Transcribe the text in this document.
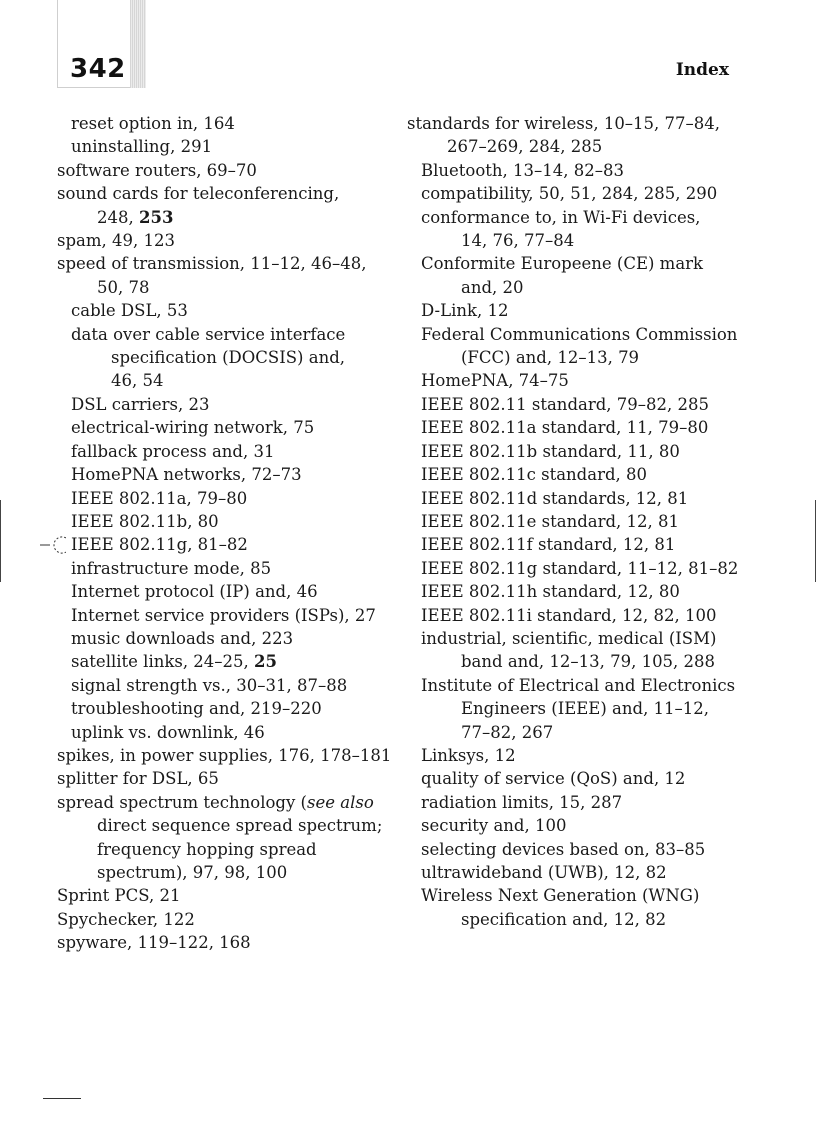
342	Index
reset option in, 164
uninstalling, 291
software routers, 69–70
sound cards for teleconferencing,
248, 253
spam, 49, 123
speed of transmission, 11–12, 46–48,
50, 78
cable DSL, 53
data over cable service interface
specification (DOCSIS) and,
46, 54
DSL carriers, 23
electrical-wiring network, 75
fallback process and, 31
HomePNA networks, 72–73
IEEE 802.11a, 79–80
IEEE 802.11b, 80
IEEE 802.11g, 81–82
infrastructure mode, 85
Internet protocol (IP) and, 46
Internet service providers (ISPs), 27
music downloads and, 223
satellite links, 24–25, 25
signal strength vs., 30–31, 87–88
troubleshooting and, 219–220
uplink vs. downlink, 46
spikes, in power supplies, 176, 178–181
splitter for DSL, 65
spread spectrum technology (see also
direct sequence spread spectrum;
frequency hopping spread
spectrum), 97, 98, 100
Sprint PCS, 21
Spychecker, 122
spyware, 119–122, 168
standards for wireless, 10–15, 77–84,
267–269, 284, 285
Bluetooth, 13–14, 82–83
compatibility, 50, 51, 284, 285, 290
conformance to, in Wi-Fi devices,
14, 76, 77–84
Conformite Europeene (CE) mark
and, 20
D-Link, 12
Federal Communications Commission
(FCC) and, 12–13, 79
HomePNA, 74–75
IEEE 802.11 standard, 79–82, 285
IEEE 802.11a standard, 11, 79–80
IEEE 802.11b standard, 11, 80
IEEE 802.11c standard, 80
IEEE 802.11d standards, 12, 81
IEEE 802.11e standard, 12, 81
IEEE 802.11f standard, 12, 81
IEEE 802.11g standard, 11–12, 81–82
IEEE 802.11h standard, 12, 80
IEEE 802.11i standard, 12, 82, 100
industrial, scientific, medical (ISM)
band and, 12–13, 79, 105, 288
Institute of Electrical and Electronics
Engineers (IEEE) and, 11–12,
77–82, 267
Linksys, 12
quality of service (QoS) and, 12
radiation limits, 15, 287
security and, 100
selecting devices based on, 83–85
ultrawideband (UWB), 12, 82
Wireless Next Generation (WNG)
specification and, 12, 82
